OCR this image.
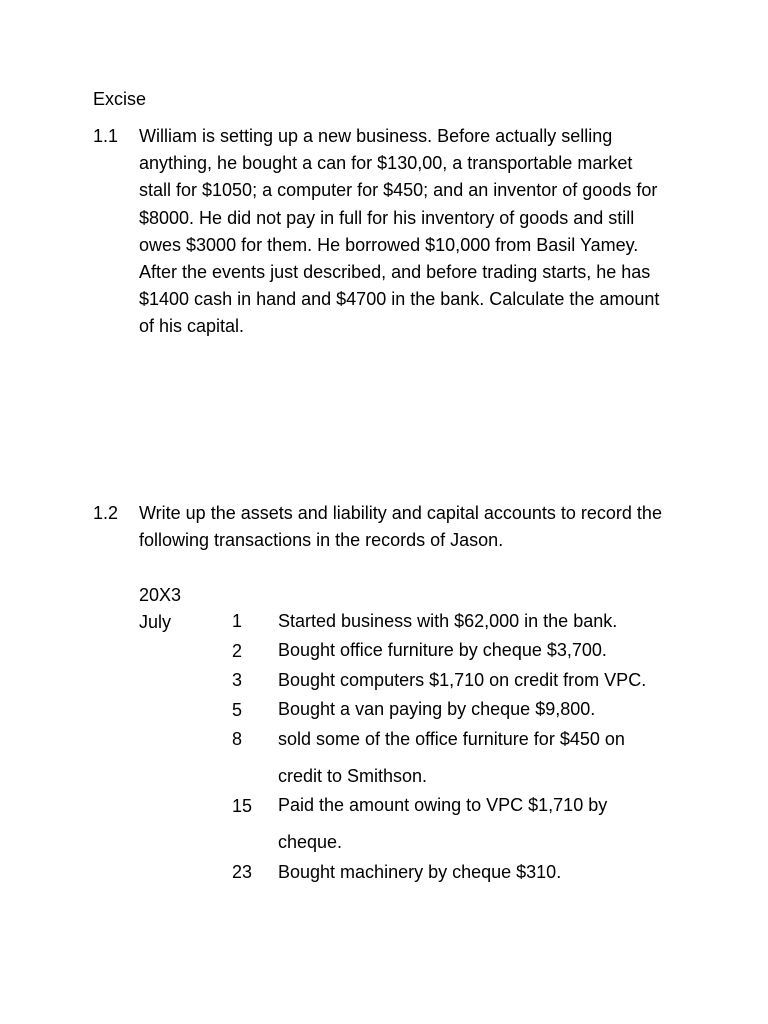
Excise
1.1 William is setting up a new business. Before actually selling anything, he bought a can for $130,00, a transportable market stall for $1050; a computer for $450; and an inventor of goods for $8000. He did not pay in full for his inventory of goods and still owes $3000 for them. He borrowed $10,000 from Basil Yamey. After the events just described, and before trading starts, he has $1400 cash in hand and $4700 in the bank. Calculate the amount of his capital.
1.2 Write up the assets and liability and capital accounts to record the following transactions in the records of Jason.
20X3
July	1	Started business with $62,000 in the bank.
2	Bought office furniture by cheque $3,700.
3	Bought computers $1,710 on credit from VPC.
5	Bought a van paying by cheque $9,800.
8	sold some of the office furniture for $450 on credit to Smithson.
15	Paid the amount owing to VPC $1,710 by cheque.
23	Bought machinery by cheque $310.
